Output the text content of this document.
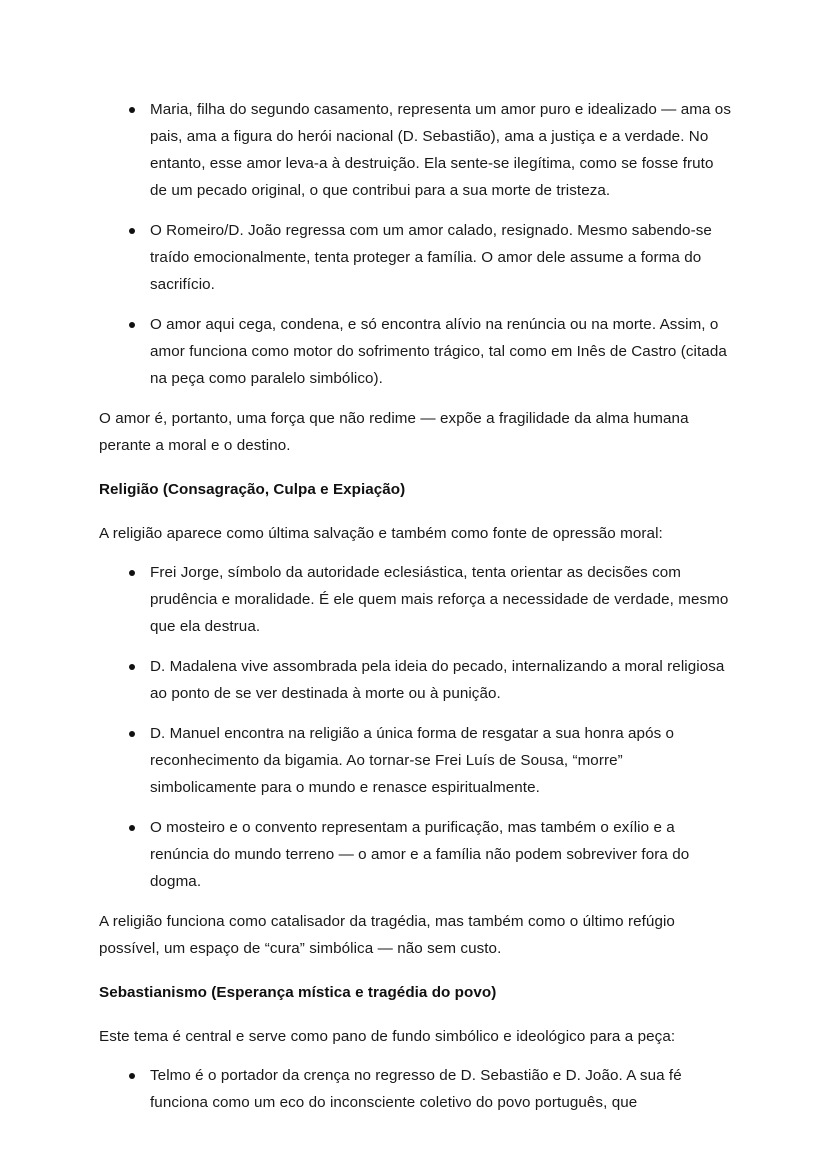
Maria, filha do segundo casamento, representa um amor puro e idealizado — ama os pais, ama a figura do herói nacional (D. Sebastião), ama a justiça e a verdade. No entanto, esse amor leva-a à destruição. Ela sente-se ilegítima, como se fosse fruto de um pecado original, o que contribui para a sua morte de tristeza.
O Romeiro/D. João regressa com um amor calado, resignado. Mesmo sabendo-se traído emocionalmente, tenta proteger a família. O amor dele assume a forma do sacrifício.
O amor aqui cega, condena, e só encontra alívio na renúncia ou na morte. Assim, o amor funciona como motor do sofrimento trágico, tal como em Inês de Castro (citada na peça como paralelo simbólico).

O amor é, portanto, uma força que não redime — expõe a fragilidade da alma humana perante a moral e o destino.

Religião (Consagração, Culpa e Expiação)

A religião aparece como última salvação e também como fonte de opressão moral:

Frei Jorge, símbolo da autoridade eclesiástica, tenta orientar as decisões com prudência e moralidade. É ele quem mais reforça a necessidade de verdade, mesmo que ela destrua.
D. Madalena vive assombrada pela ideia do pecado, internalizando a moral religiosa ao ponto de se ver destinada à morte ou à punição.
D. Manuel encontra na religião a única forma de resgatar a sua honra após o reconhecimento da bigamia. Ao tornar-se Frei Luís de Sousa, “morre” simbolicamente para o mundo e renasce espiritualmente.
O mosteiro e o convento representam a purificação, mas também o exílio e a renúncia do mundo terreno — o amor e a família não podem sobreviver fora do dogma.

A religião funciona como catalisador da tragédia, mas também como o último refúgio possível, um espaço de “cura” simbólica — não sem custo.

Sebastianismo (Esperança mística e tragédia do povo)

Este tema é central e serve como pano de fundo simbólico e ideológico para a peça:

Telmo é o portador da crença no regresso de D. Sebastião e D. João. A sua fé funciona como um eco do inconsciente coletivo do povo português, que
